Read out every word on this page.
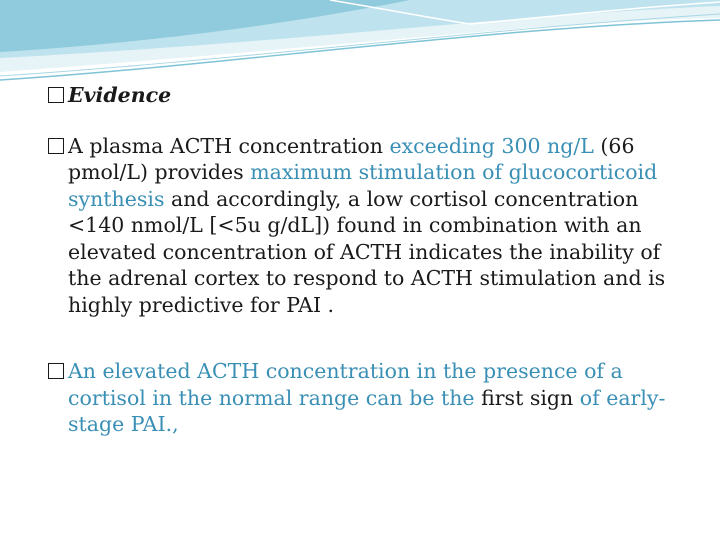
Evidence

A plasma ACTH concentration exceeding 300 ng/L (66 pmol/L) provides maximum stimulation of glucocorticoid synthesis and accordingly, a low cortisol concentration <140 nmol/L [<5u g/dL]) found in combination with an elevated concentration of ACTH indicates the inability of the adrenal cortex to respond to ACTH stimulation and is highly predictive for PAI .

An elevated ACTH concentration in the presence of a cortisol in the normal range can be the first sign of early-stage PAI.,
